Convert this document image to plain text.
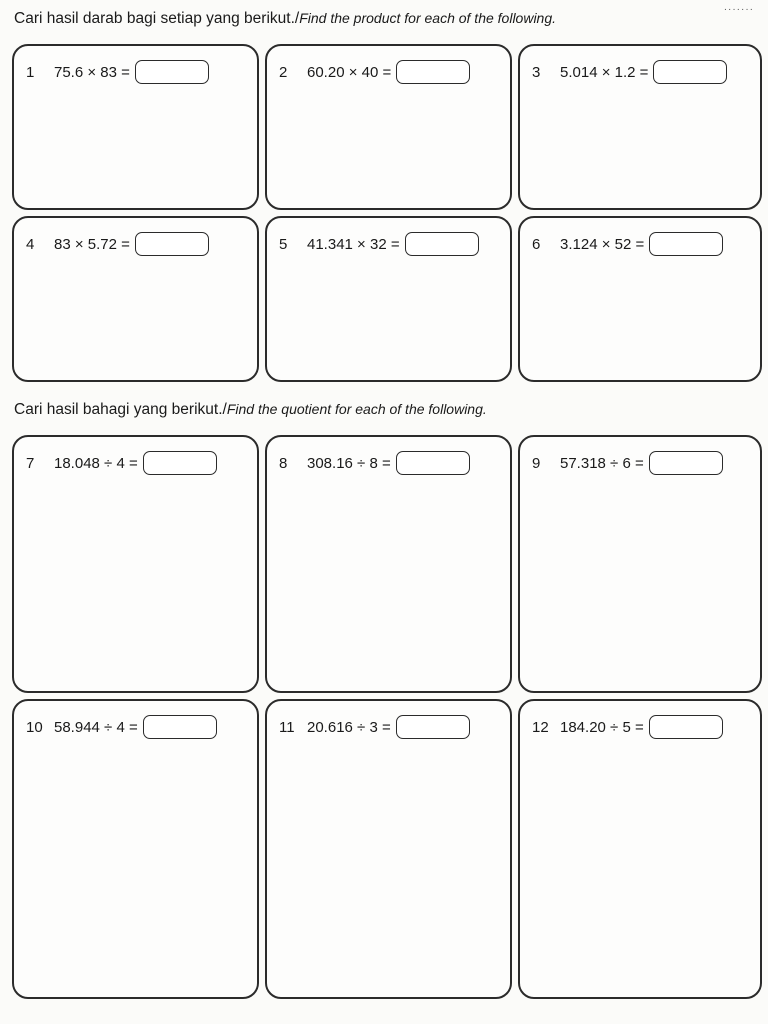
·······
Cari hasil darab bagi setiap yang berikut./Find the product for each of the following.
1	75.6 × 83 =	2	60.20 × 40 =	3	5.014 × 1.2 =
4	83 × 5.72 =	5	41.341 × 32 =	6	3.124 × 52 =
Cari hasil bahagi yang berikut./Find the quotient for each of the following.
7	18.048 ÷ 4 =	8	308.16 ÷ 8 =	9	57.318 ÷ 6 =
10 58.944 ÷ 4 =	11 20.616 ÷ 3 =	12 184.20 ÷ 5 =
